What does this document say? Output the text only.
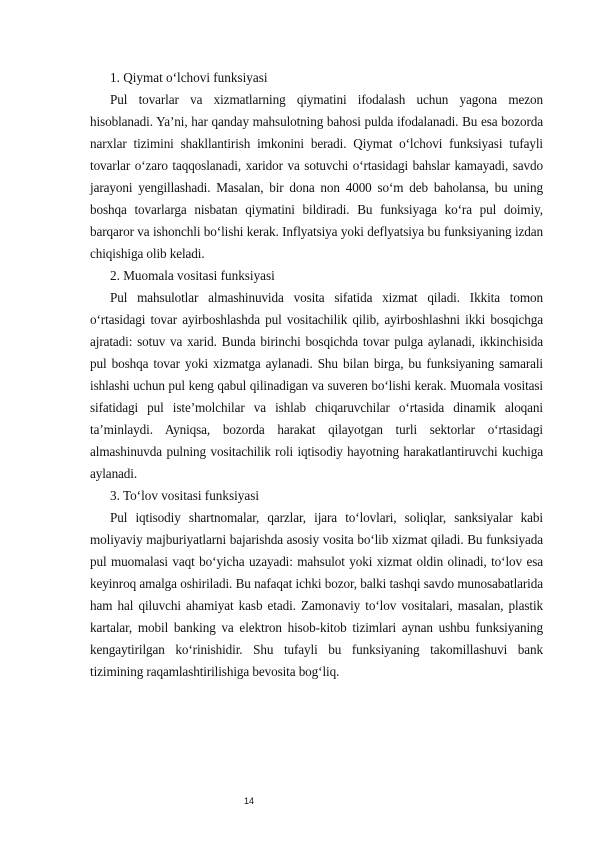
1. Qiymat o‘lchovi funksiyasi

Pul tovarlar va xizmatlarning qiymatini ifodalash uchun yagona mezon hisoblanadi. Ya’ni, har qanday mahsulotning bahosi pulda ifodalanadi. Bu esa bozorda narxlar tizimini shakllantirish imkonini beradi. Qiymat o‘lchovi funksiyasi tufayli tovarlar o‘zaro taqqoslanadi, xaridor va sotuvchi o‘rtasidagi bahslar kamayadi, savdo jarayoni yengillashadi. Masalan, bir dona non 4000 so‘m deb baholansa, bu uning boshqa tovarlarga nisbatan qiymatini bildiradi. Bu funksiyaga ko‘ra pul doimiy, barqaror va ishonchli bo‘lishi kerak. Inflyatsiya yoki deflyatsiya bu funksiyaning izdan chiqishiga olib keladi.

2. Muomala vositasi funksiyasi

Pul mahsulotlar almashinuvida vosita sifatida xizmat qiladi. Ikkita tomon o‘rtasidagi tovar ayirboshlashda pul vositachilik qilib, ayirboshlashni ikki bosqichga ajratadi: sotuv va xarid. Bunda birinchi bosqichda tovar pulga aylanadi, ikkinchisida pul boshqa tovar yoki xizmatga aylanadi. Shu bilan birga, bu funksiyaning samarali ishlashi uchun pul keng qabul qilinadigan va suveren bo‘lishi kerak. Muomala vositasi sifatidagi pul iste’molchilar va ishlab chiqaruvchilar o‘rtasida dinamik aloqani ta’minlaydi. Ayniqsa, bozorda harakat qilayotgan turli sektorlar o‘rtasidagi almashinuvda pulning vositachilik roli iqtisodiy hayotning harakatlantiruvchi kuchiga aylanadi.

3. To‘lov vositasi funksiyasi

Pul iqtisodiy shartnomalar, qarzlar, ijara to‘lovlari, soliqlar, sanksiyalar kabi moliyaviy majburiyatlarni bajarishda asosiy vosita bo‘lib xizmat qiladi. Bu funksiyada pul muomalasi vaqt bo‘yicha uzayadi: mahsulot yoki xizmat oldin olinadi, to‘lov esa keyinroq amalga oshiriladi. Bu nafaqat ichki bozor, balki tashqi savdo munosabatlarida ham hal qiluvchi ahamiyat kasb etadi. Zamonaviy to‘lov vositalari, masalan, plastik kartalar, mobil banking va elektron hisob-kitob tizimlari aynan ushbu funksiyaning kengaytirilgan ko‘rinishidir. Shu tufayli bu funksiyaning takomillashuvi bank tizimining raqamlashtirilishiga bevosita bog‘liq.

14
